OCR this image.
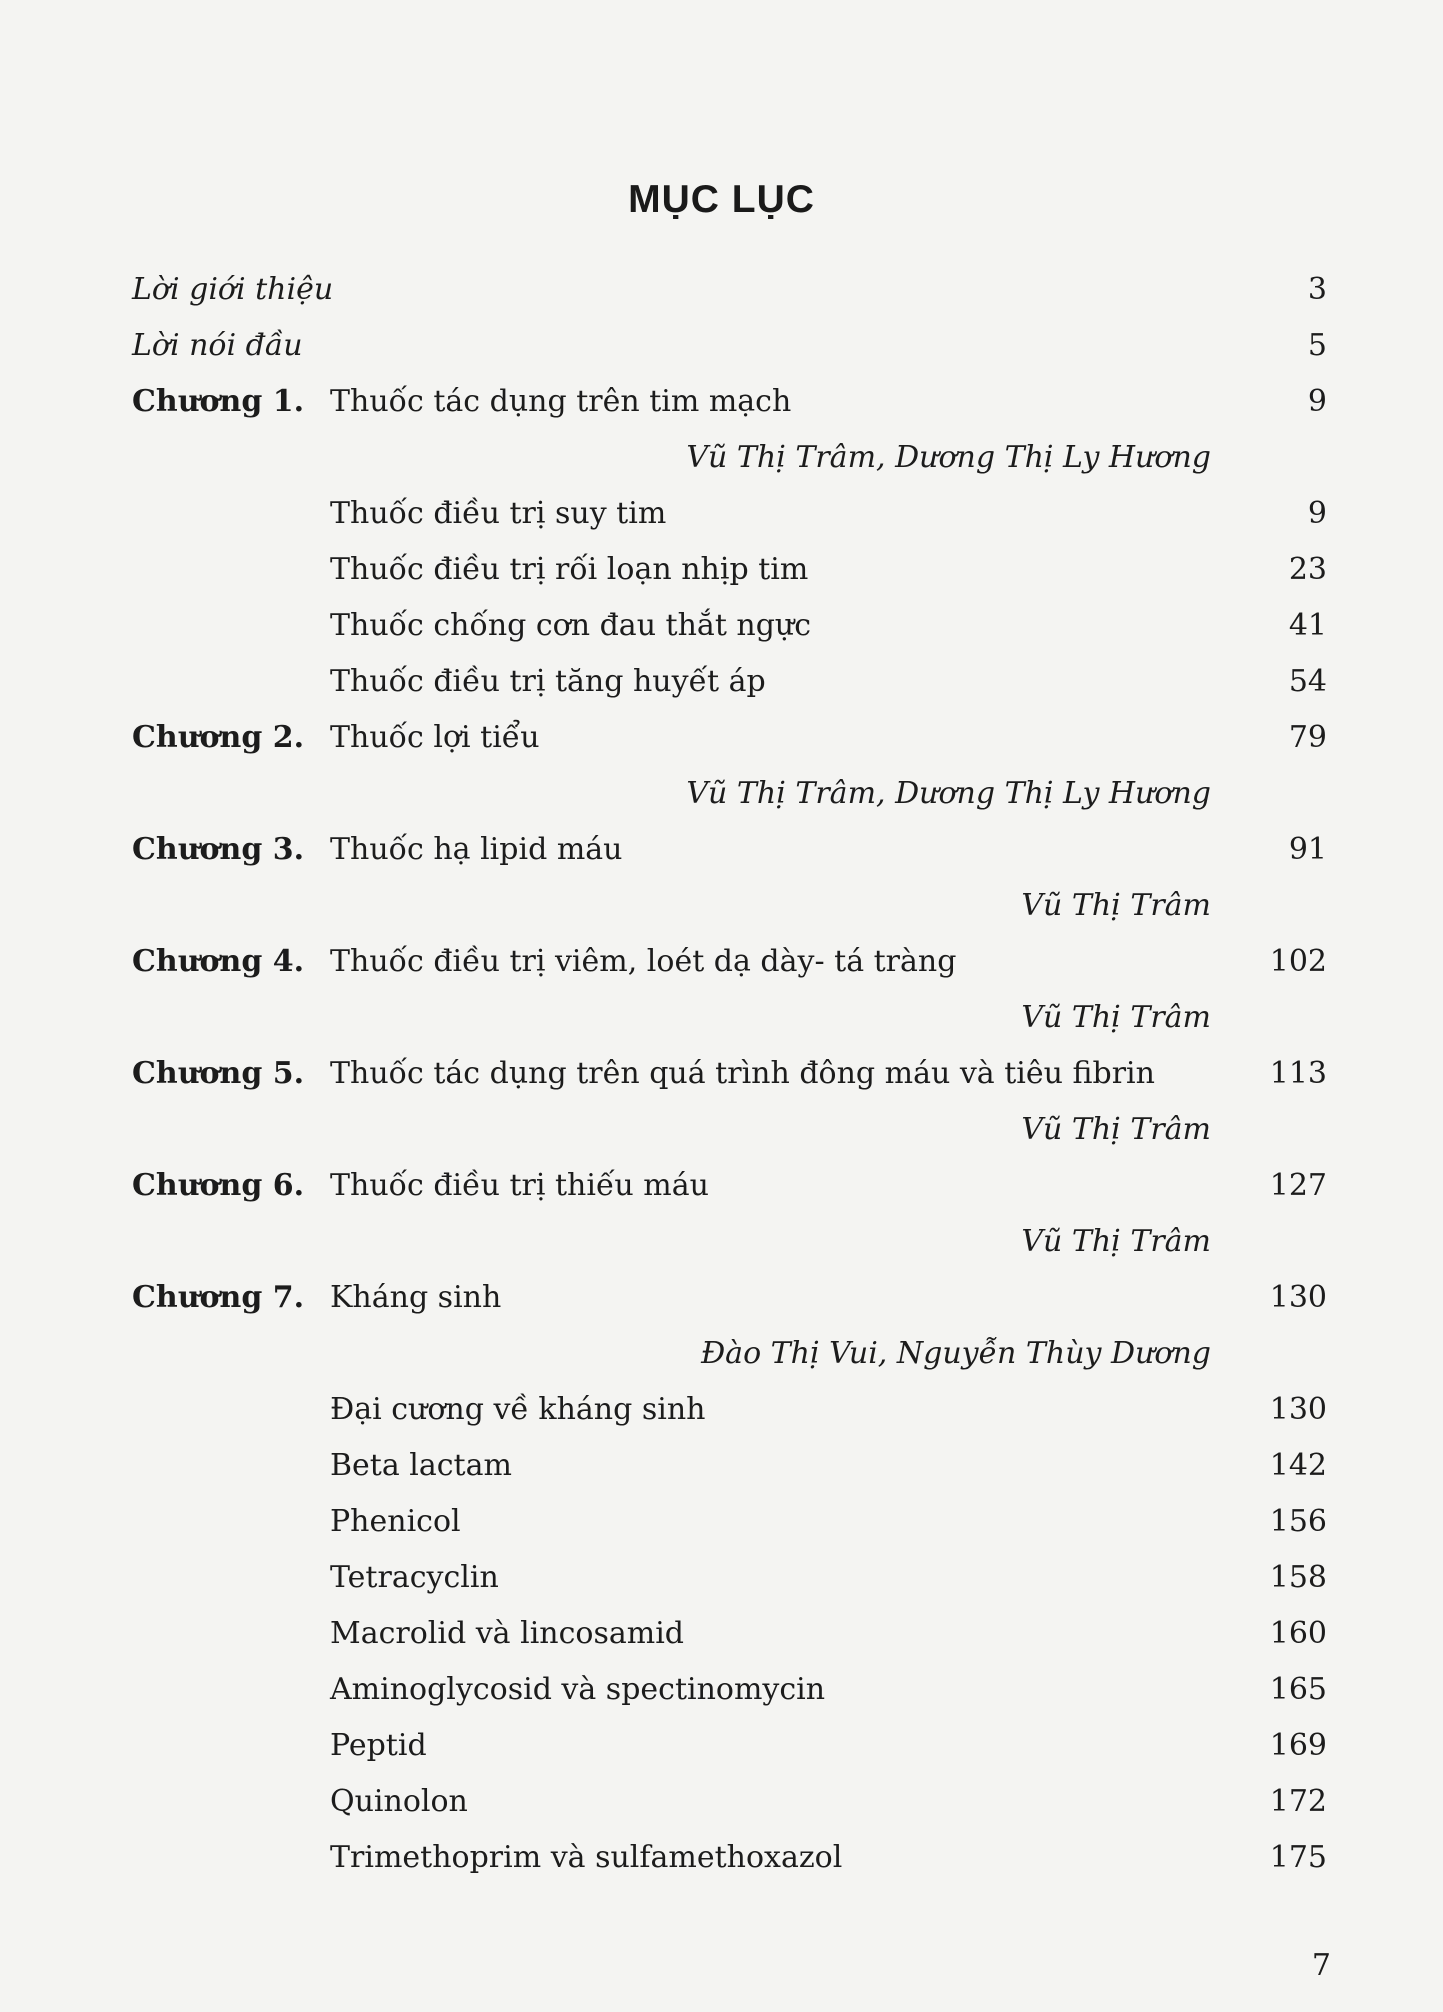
MỤC LỤC
Lời giới thiệu	3
Lời nói đầu	5
Chương 1. Thuốc tác dụng trên tim mạch	9
Vũ Thị Trâm, Dương Thị Ly Hương
Thuốc điều trị suy tim	9
Thuốc điều trị rối loạn nhịp tim	23
Thuốc chống cơn đau thắt ngực	41
Thuốc điều trị tăng huyết áp	54
Chương 2. Thuốc lợi tiểu	79
Vũ Thị Trâm, Dương Thị Ly Hương
Chương 3. Thuốc hạ lipid máu	91
Vũ Thị Trâm
Chương 4. Thuốc điều trị viêm, loét dạ dày- tá tràng	102
Vũ Thị Trâm
Chương 5. Thuốc tác dụng trên quá trình đông máu và tiêu fibrin	113
Vũ Thị Trâm
Chương 6. Thuốc điều trị thiếu máu	127
Vũ Thị Trâm
Chương 7. Kháng sinh	130
Đào Thị Vui, Nguyễn Thùy Dương
Đại cương về kháng sinh	130
Beta lactam	142
Phenicol	156
Tetracyclin	158
Macrolid và lincosamid	160
Aminoglycosid và spectinomycin	165
Peptid	169
Quinolon	172
Trimethoprim và sulfamethoxazol	175
7
